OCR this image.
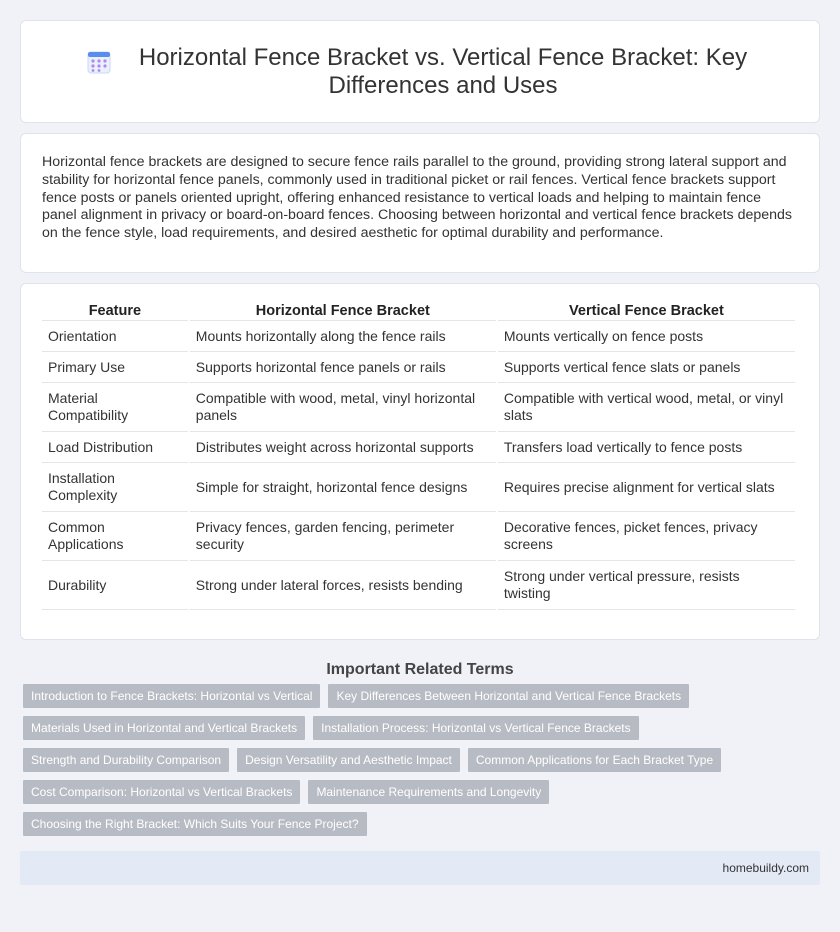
Horizontal Fence Bracket vs. Vertical Fence Bracket: Key Differences and Uses

Horizontal fence brackets are designed to secure fence rails parallel to the ground, providing strong lateral support and stability for horizontal fence panels, commonly used in traditional picket or rail fences. Vertical fence brackets support fence posts or panels oriented upright, offering enhanced resistance to vertical loads and helping to maintain fence panel alignment in privacy or board-on-board fences. Choosing between horizontal and vertical fence brackets depends on the fence style, load requirements, and desired aesthetic for optimal durability and performance.

Feature	Horizontal Fence Bracket	Vertical Fence Bracket
Orientation	Mounts horizontally along the fence rails	Mounts vertically on fence posts
Primary Use	Supports horizontal fence panels or rails	Supports vertical fence slats or panels
Material Compatibility	Compatible with wood, metal, vinyl horizontal panels	Compatible with vertical wood, metal, or vinyl slats
Load Distribution	Distributes weight across horizontal supports	Transfers load vertically to fence posts
Installation Complexity	Simple for straight, horizontal fence designs	Requires precise alignment for vertical slats
Common Applications	Privacy fences, garden fencing, perimeter security	Decorative fences, picket fences, privacy screens
Durability	Strong under lateral forces, resists bending	Strong under vertical pressure, resists twisting
Important Related Terms
Introduction to Fence Brackets: Horizontal vs Vertical	Key Differences Between Horizontal and Vertical Fence Brackets
Materials Used in Horizontal and Vertical Brackets	Installation Process: Horizontal vs Vertical Fence Brackets
Strength and Durability Comparison	Design Versatility and Aesthetic Impact	Common Applications for Each Bracket Type
Cost Comparison: Horizontal vs Vertical Brackets	Maintenance Requirements and Longevity
Choosing the Right Bracket: Which Suits Your Fence Project?
homebuildy.com
